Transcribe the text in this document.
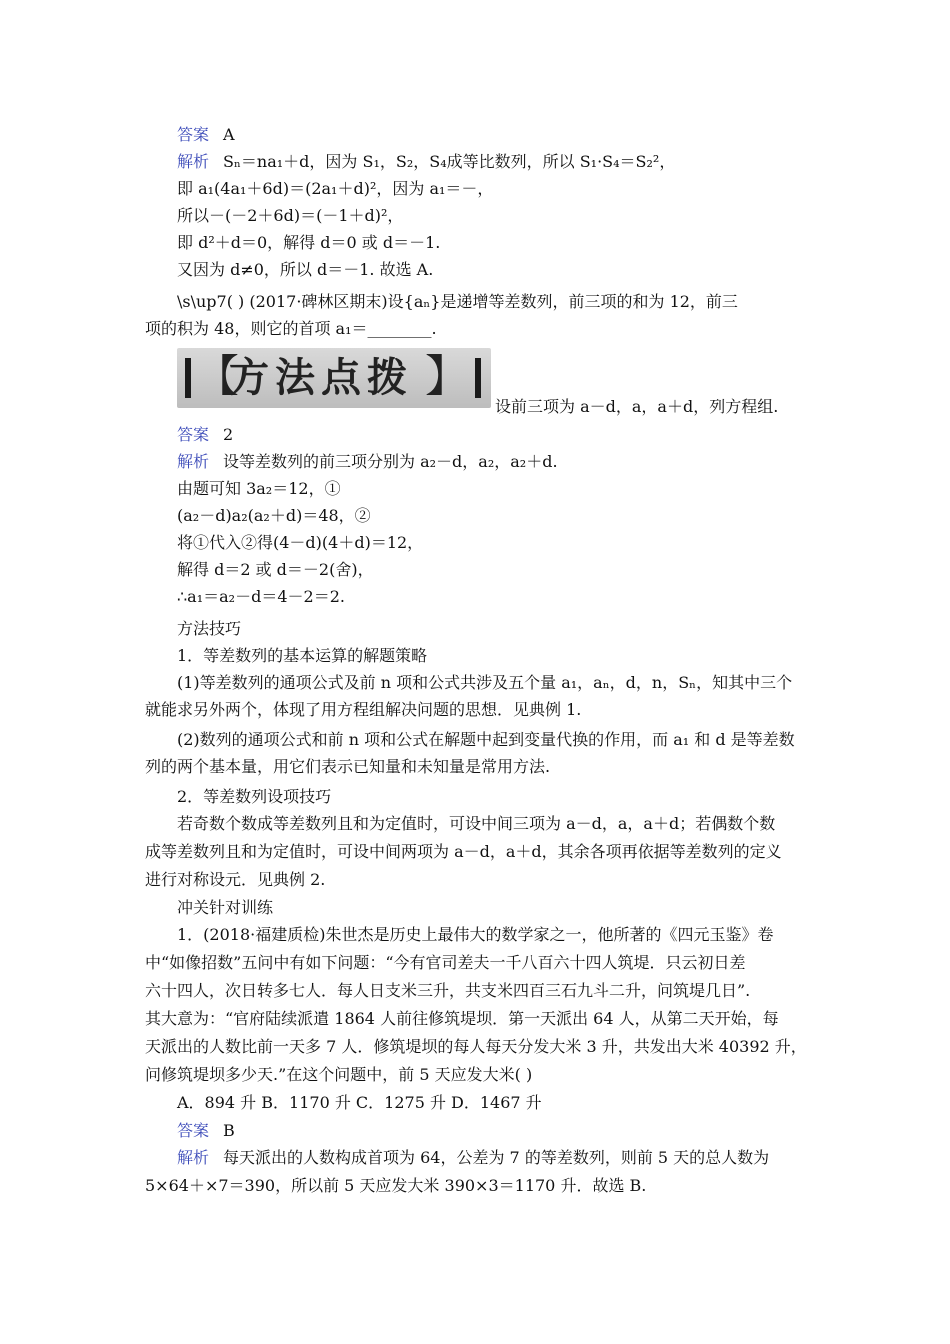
答案 A
解析 Sₙ＝na₁＋d，因为 S₁，S₂，S₄成等比数列，所以 S₁·S₄＝S₂²，
即 a₁(4a₁＋6d)＝(2a₁＋d)²，因为 a₁＝－，
所以－(－2＋6d)＝(－1＋d)²，
即 d²＋d＝0，解得 d＝0 或 d＝－1.
又因为 d≠0，所以 d＝－1. 故选 A.
\s\up7( ) (2017·碑林区期末)设{aₙ}是递增等差数列，前三项的和为 12，前三
项的积为 48，则它的首项 a₁＝________.
【
方法点拨 】
设前三项为 a－d，a，a＋d，列方程组.
答案 2
解析 设等差数列的前三项分别为 a₂－d，a₂，a₂＋d.
由题可知 3a₂＝12，①
(a₂－d)a₂(a₂＋d)＝48，②
将①代入②得(4－d)(4＋d)＝12，
解得 d＝2 或 d＝－2(舍)，
∴a₁＝a₂－d＝4－2＝2.
方法技巧
1．等差数列的基本运算的解题策略
(1)等差数列的通项公式及前 n 项和公式共涉及五个量 a₁，aₙ，d，n，Sₙ，知其中三个
就能求另外两个，体现了用方程组解决问题的思想．见典例 1.
(2)数列的通项公式和前 n 项和公式在解题中起到变量代换的作用，而 a₁ 和 d 是等差数
列的两个基本量，用它们表示已知量和未知量是常用方法.
2．等差数列设项技巧
若奇数个数成等差数列且和为定值时，可设中间三项为 a－d，a，a＋d；若偶数个数
成等差数列且和为定值时，可设中间两项为 a－d，a＋d，其余各项再依据等差数列的定义
进行对称设元．见典例 2.
冲关针对训练
1．(2018·福建质检)朱世杰是历史上最伟大的数学家之一，他所著的《四元玉鉴》卷
中“如像招数”五问中有如下问题：“今有官司差夫一千八百六十四人筑堤．只云初日差
六十四人，次日转多七人．每人日支米三升，共支米四百三石九斗二升，问筑堤几日”.
其大意为：“官府陆续派遣 1864 人前往修筑堤坝．第一天派出 64 人，从第二天开始，每
天派出的人数比前一天多 7 人．修筑堤坝的每人每天分发大米 3 升，共发出大米 40392 升，
问修筑堤坝多少天.”在这个问题中，前 5 天应发大米( )
A．894 升 B．1170 升 C．1275 升 D．1467 升
答案 B
解析 每天派出的人数构成首项为 64，公差为 7 的等差数列，则前 5 天的总人数为
5×64＋×7＝390，所以前 5 天应发大米 390×3＝1170 升．故选 B.
